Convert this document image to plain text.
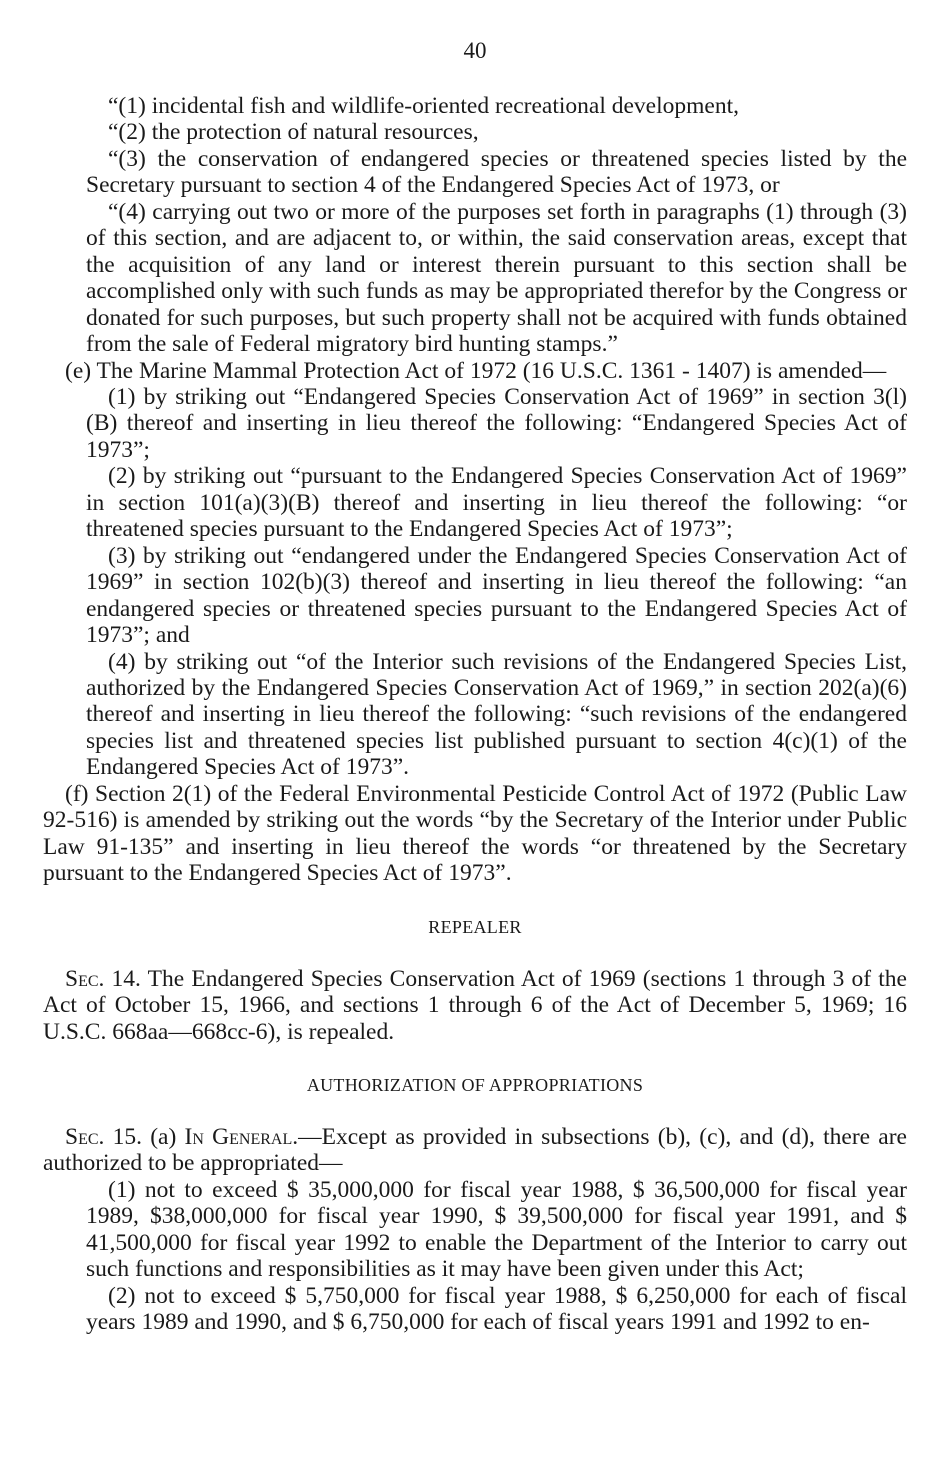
40

“(1) incidental fish and wildlife-oriented recreational development,

“(2) the protection of natural resources,

“(3) the conservation of endangered species or threatened species listed by the Secretary pursuant to section 4 of the Endangered Species Act of 1973, or

“(4) carrying out two or more of the purposes set forth in paragraphs (1) through (3) of this section, and are adjacent to, or within, the said conservation areas, except that the acquisition of any land or interest therein pursuant to this section shall be accomplished only with such funds as may be appropriated therefor by the Congress or donated for such purposes, but such property shall not be acquired with funds obtained from the sale of Federal migratory bird hunting stamps.”

(e) The Marine Mammal Protection Act of 1972 (16 U.S.C. 1361 - 1407) is amended—

(1) by striking out “Endangered Species Conservation Act of 1969” in section 3(l)(B) thereof and inserting in lieu thereof the following: “Endangered Species Act of 1973”;

(2) by striking out “pursuant to the Endangered Species Conservation Act of 1969” in section 101(a)(3)(B) thereof and inserting in lieu thereof the following: “or threatened species pursuant to the Endangered Species Act of 1973”;

(3) by striking out “endangered under the Endangered Species Conservation Act of 1969” in section 102(b)(3) thereof and inserting in lieu thereof the following: “an endangered species or threatened species pursuant to the Endangered Species Act of 1973”; and

(4) by striking out “of the Interior such revisions of the Endangered Species List, authorized by the Endangered Species Conservation Act of 1969,” in section 202(a)(6) thereof and inserting in lieu thereof the following: “such revisions of the endangered species list and threatened species list published pursuant to section 4(c)(1) of the Endangered Species Act of 1973”.

(f) Section 2(1) of the Federal Environmental Pesticide Control Act of 1972 (Public Law 92-516) is amended by striking out the words “by the Secretary of the Interior under Public Law 91-135” and inserting in lieu thereof the words “or threatened by the Secretary pursuant to the Endangered Species Act of 1973”.

REPEALER

Sec. 14. The Endangered Species Conservation Act of 1969 (sections 1 through 3 of the Act of October 15, 1966, and sections 1 through 6 of the Act of December 5, 1969; 16 U.S.C. 668aa—668cc-6), is repealed.

AUTHORIZATION OF APPROPRIATIONS

Sec. 15. (a) In General.—Except as provided in subsections (b), (c), and (d), there are authorized to be appropriated—

(1) not to exceed $ 35,000,000 for fiscal year 1988, $ 36,500,000 for fiscal year 1989, $38,000,000 for fiscal year 1990, $ 39,500,000 for fiscal year 1991, and $ 41,500,000 for fiscal year 1992 to enable the Department of the Interior to carry out such functions and responsibilities as it may have been given under this Act;

(2) not to exceed $ 5,750,000 for fiscal year 1988, $ 6,250,000 for each of fiscal years 1989 and 1990, and $ 6,750,000 for each of fiscal years 1991 and 1992 to en-
